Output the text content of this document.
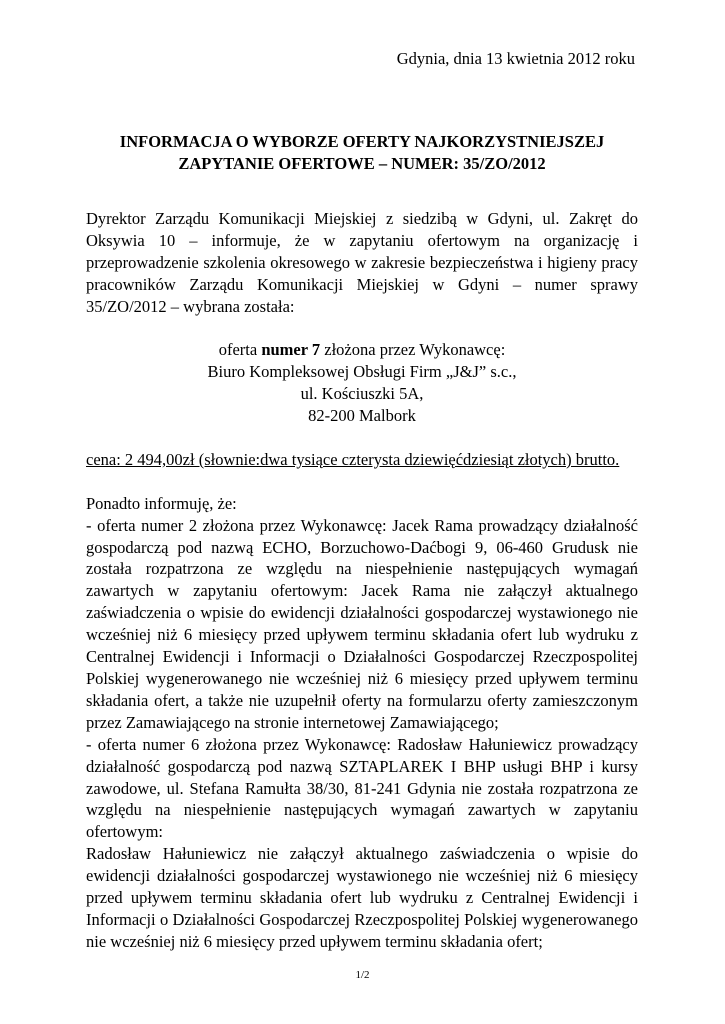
Gdynia, dnia 13 kwietnia 2012 roku
INFORMACJA O WYBORZE OFERTY NAJKORZYSTNIEJSZEJ
ZAPYTANIE OFERTOWE – NUMER: 35/ZO/2012

Dyrektor Zarządu Komunikacji Miejskiej z siedzibą w Gdyni, ul. Zakręt do Oksywia 10 – informuje, że w zapytaniu ofertowym na organizację i przeprowadzenie szkolenia okresowego w zakresie bezpieczeństwa i higieny pracy pracowników Zarządu Komunikacji Miejskiej w Gdyni – numer sprawy 35/ZO/2012 – wybrana została:

oferta numer 7 złożona przez Wykonawcę:
Biuro Kompleksowej Obsługi Firm „J&J” s.c.,
ul. Kościuszki 5A,
82-200 Malbork

cena: 2 494,00zł (słownie:dwa tysiące czterysta dziewięćdziesiąt złotych) brutto.

Ponadto informuję, że:

- oferta numer 2 złożona przez Wykonawcę: Jacek Rama prowadzący działalność gospodarczą pod nazwą ECHO, Borzuchowo-Daćbogi 9, 06-460 Grudusk nie została rozpatrzona ze względu na niespełnienie następujących wymagań zawartych w zapytaniu ofertowym: Jacek Rama nie załączył aktualnego zaświadczenia o wpisie do ewidencji działalności gospodarczej wystawionego nie wcześniej niż 6 miesięcy przed upływem terminu składania ofert lub wydruku z Centralnej Ewidencji i Informacji o Działalności Gospodarczej Rzeczpospolitej Polskiej wygenerowanego nie wcześniej niż 6 miesięcy przed upływem terminu składania ofert, a także nie uzupełnił oferty na formularzu oferty zamieszczonym przez Zamawiającego na stronie internetowej Zamawiającego;

- oferta numer 6 złożona przez Wykonawcę: Radosław Hałuniewicz prowadzący działalność gospodarczą pod nazwą SZTAPLAREK I BHP usługi BHP i kursy zawodowe, ul. Stefana Ramułta 38/30, 81-241 Gdynia nie została rozpatrzona ze względu na niespełnienie następujących wymagań zawartych w zapytaniu ofertowym:

Radosław Hałuniewicz nie załączył aktualnego zaświadczenia o wpisie do ewidencji działalności gospodarczej wystawionego nie wcześniej niż 6 miesięcy przed upływem terminu składania ofert lub wydruku z Centralnej Ewidencji i Informacji o Działalności Gospodarczej Rzeczpospolitej Polskiej wygenerowanego nie wcześniej niż 6 miesięcy przed upływem terminu składania ofert;

1/2
